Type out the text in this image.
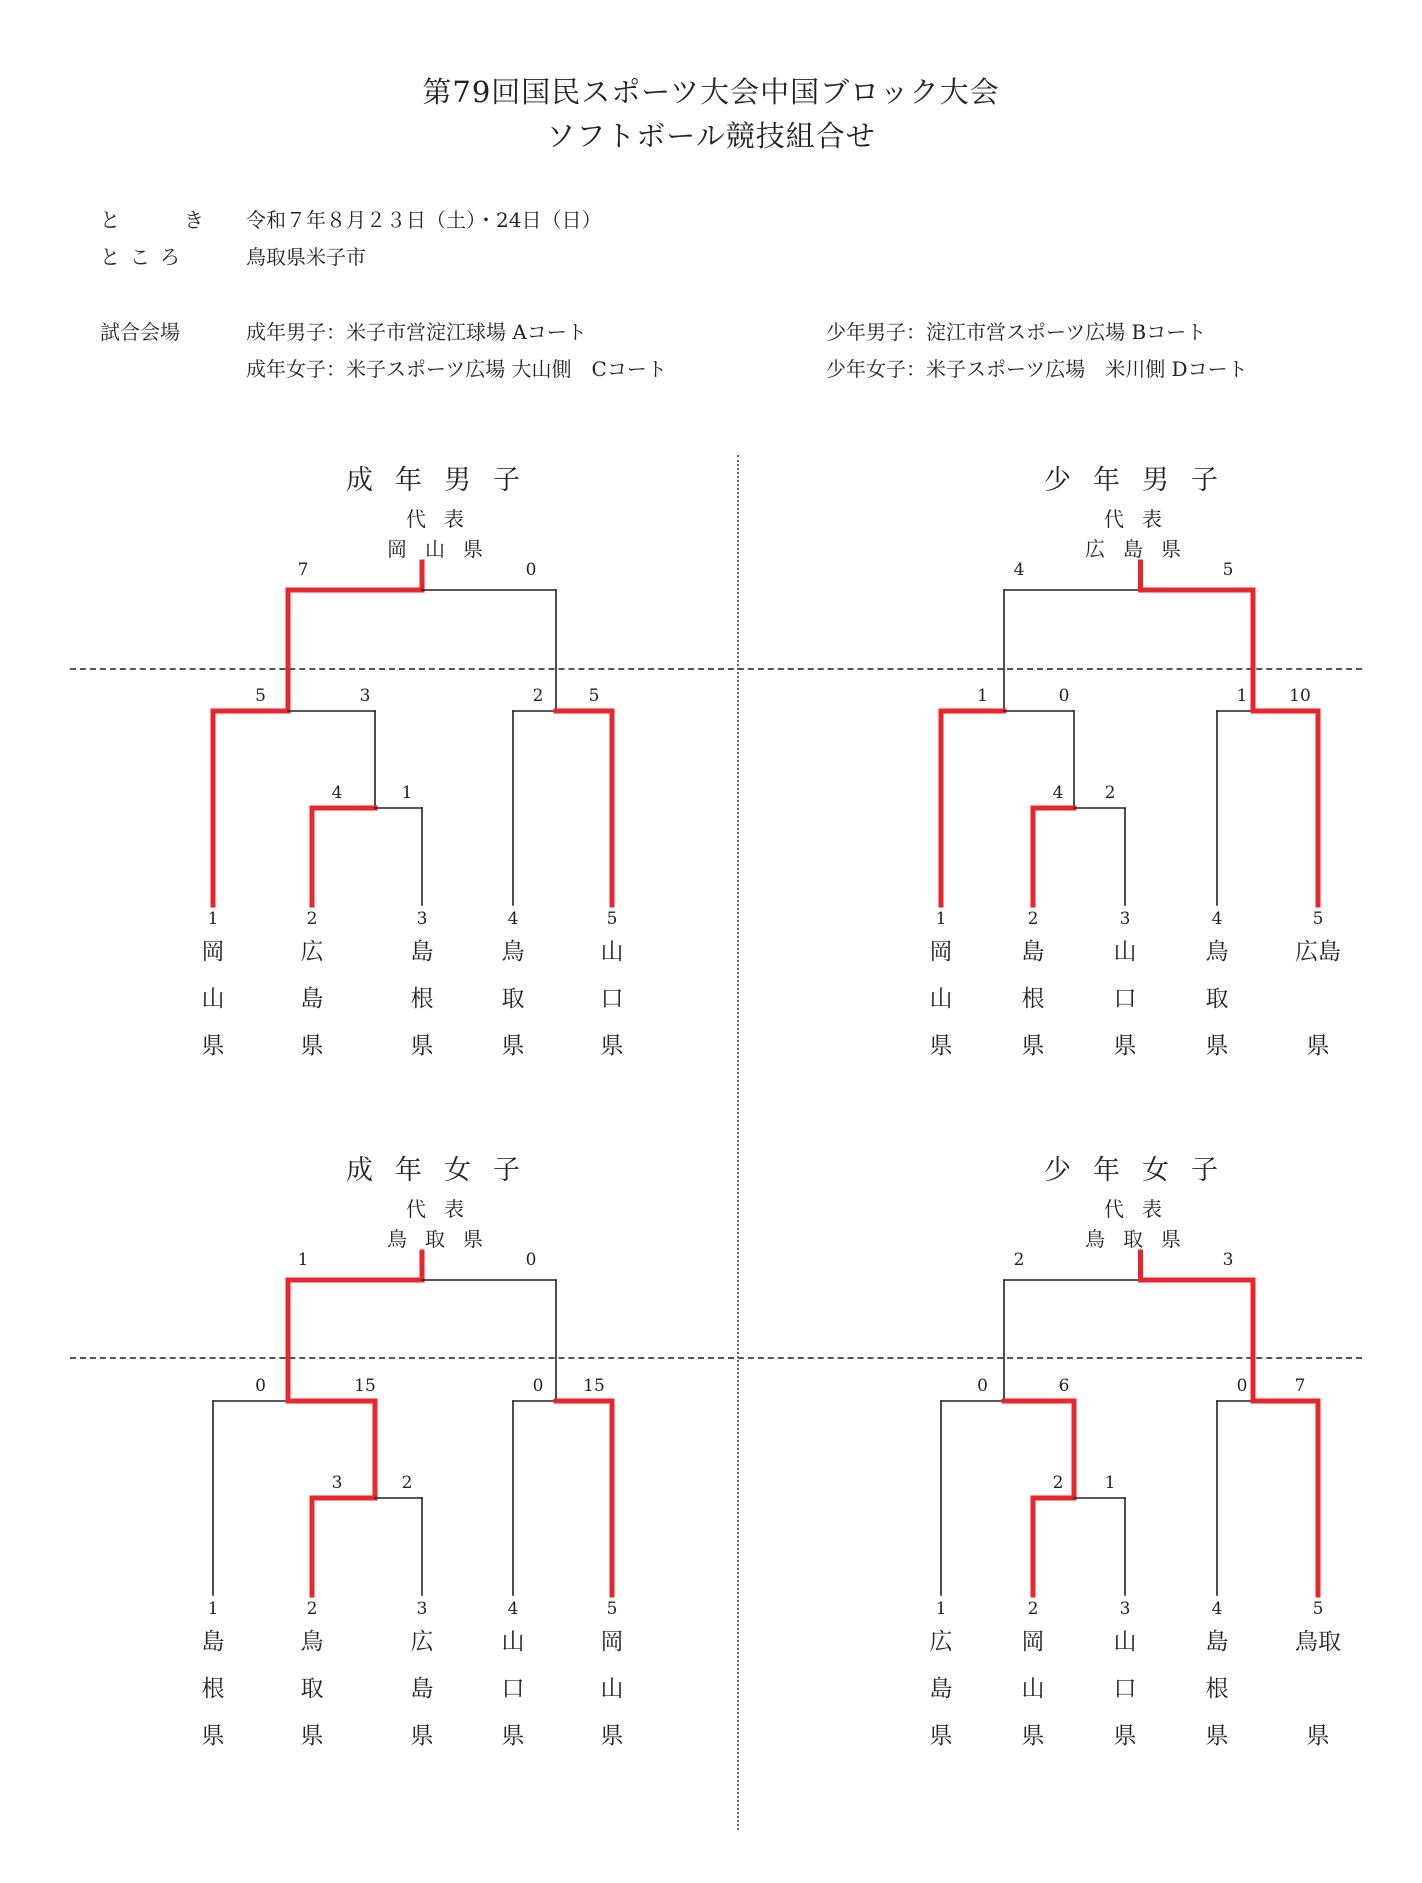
第79回国民スポーツ大会中国ブロック大会
ソフトボール競技組合せ
と　き 令和７年８月２３日（土）・24日（日）
ところ	鳥取県米子市
試合会場	成年男子：米子市営淀江球場 Aコート
成年女子：米子スポーツ広場 大山側　Cコート
少年男子：淀江市営スポーツ広場 Bコート
少年女子：米子スポーツ広場　米川側 Dコート
成年男子
代表
岡山県
7	0
5	3	2	5
4	1
1
岡
山
県
2
広
島
県
3
島
根
県
4
鳥
取
県
5
山
口
県
少年男子
代表
広島県
4	5
1	0	1	10
4	2
1
岡
山
県
2
島
根
県
3
山
口
県
4
鳥
取
県
5
広島
県
成年女子
代表
鳥取県
1	0
0	15	0	15
3	2
1
島
根
県
2
鳥
取
県
3
広
島
県
4
山
口
県
5
岡
山
県
少年女子
代表
鳥取県
2	3
0	6	0	7
2	1
1
広
島
県
2
岡
山
県
3
山
口
県
4
島
根
県
5
鳥取
県
